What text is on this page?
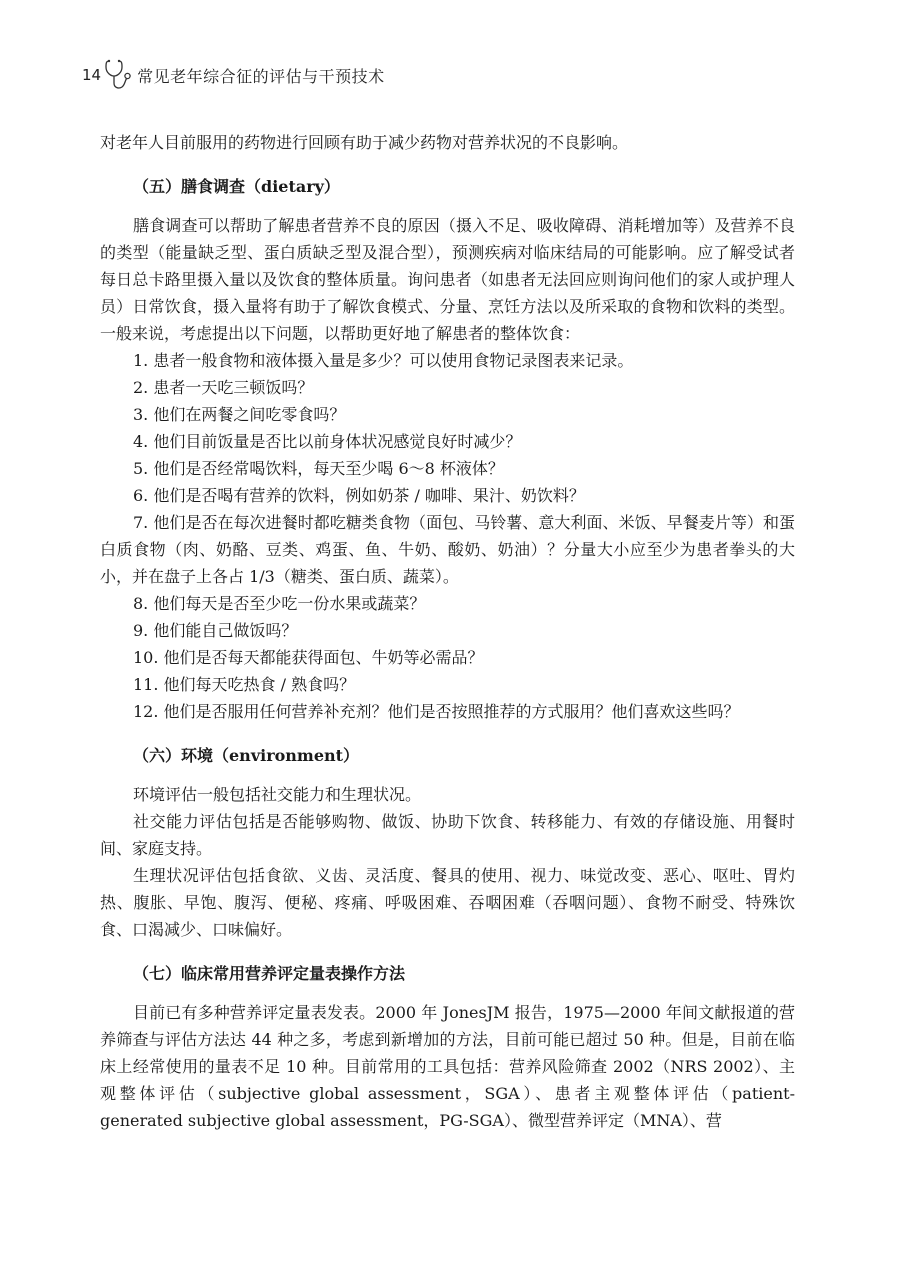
14 常见老年综合征的评估与干预技术

对老年人目前服用的药物进行回顾有助于减少药物对营养状况的不良影响。

（五）膳食调查（dietary）

膳食调查可以帮助了解患者营养不良的原因（摄入不足、吸收障碍、消耗增加等）及营养不良的类型（能量缺乏型、蛋白质缺乏型及混合型），预测疾病对临床结局的可能影响。应了解受试者每日总卡路里摄入量以及饮食的整体质量。询问患者（如患者无法回应则询问他们的家人或护理人员）日常饮食，摄入量将有助于了解饮食模式、分量、烹饪方法以及所采取的食物和饮料的类型。一般来说，考虑提出以下问题，以帮助更好地了解患者的整体饮食：

1. 患者一般食物和液体摄入量是多少？可以使用食物记录图表来记录。

2. 患者一天吃三顿饭吗？

3. 他们在两餐之间吃零食吗？

4. 他们目前饭量是否比以前身体状况感觉良好时减少？

5. 他们是否经常喝饮料，每天至少喝 6～8 杯液体？

6. 他们是否喝有营养的饮料，例如奶茶 / 咖啡、果汁、奶饮料？

7. 他们是否在每次进餐时都吃糖类食物（面包、马铃薯、意大利面、米饭、早餐麦片等）和蛋白质食物（肉、奶酪、豆类、鸡蛋、鱼、牛奶、酸奶、奶油）？分量大小应至少为患者拳头的大小，并在盘子上各占 1/3（糖类、蛋白质、蔬菜）。

8. 他们每天是否至少吃一份水果或蔬菜？

9. 他们能自己做饭吗？

10. 他们是否每天都能获得面包、牛奶等必需品？

11. 他们每天吃热食 / 熟食吗？

12. 他们是否服用任何营养补充剂？他们是否按照推荐的方式服用？他们喜欢这些吗？

（六）环境（environment）

环境评估一般包括社交能力和生理状况。

社交能力评估包括是否能够购物、做饭、协助下饮食、转移能力、有效的存储设施、用餐时间、家庭支持。

生理状况评估包括食欲、义齿、灵活度、餐具的使用、视力、味觉改变、恶心、呕吐、胃灼热、腹胀、早饱、腹泻、便秘、疼痛、呼吸困难、吞咽困难（吞咽问题）、食物不耐受、特殊饮食、口渴减少、口味偏好。

（七）临床常用营养评定量表操作方法

目前已有多种营养评定量表发表。2000 年 JonesJM 报告，1975—2000 年间文献报道的营养筛查与评估方法达 44 种之多，考虑到新增加的方法，目前可能已超过 50 种。但是，目前在临床上经常使用的量表不足 10 种。目前常用的工具包括：营养风险筛查 2002（NRS 2002）、主观整体评估（subjective global assessment，SGA）、患者主观整体评估（patient-generated subjective global assessment，PG-SGA）、微型营养评定（MNA）、营
